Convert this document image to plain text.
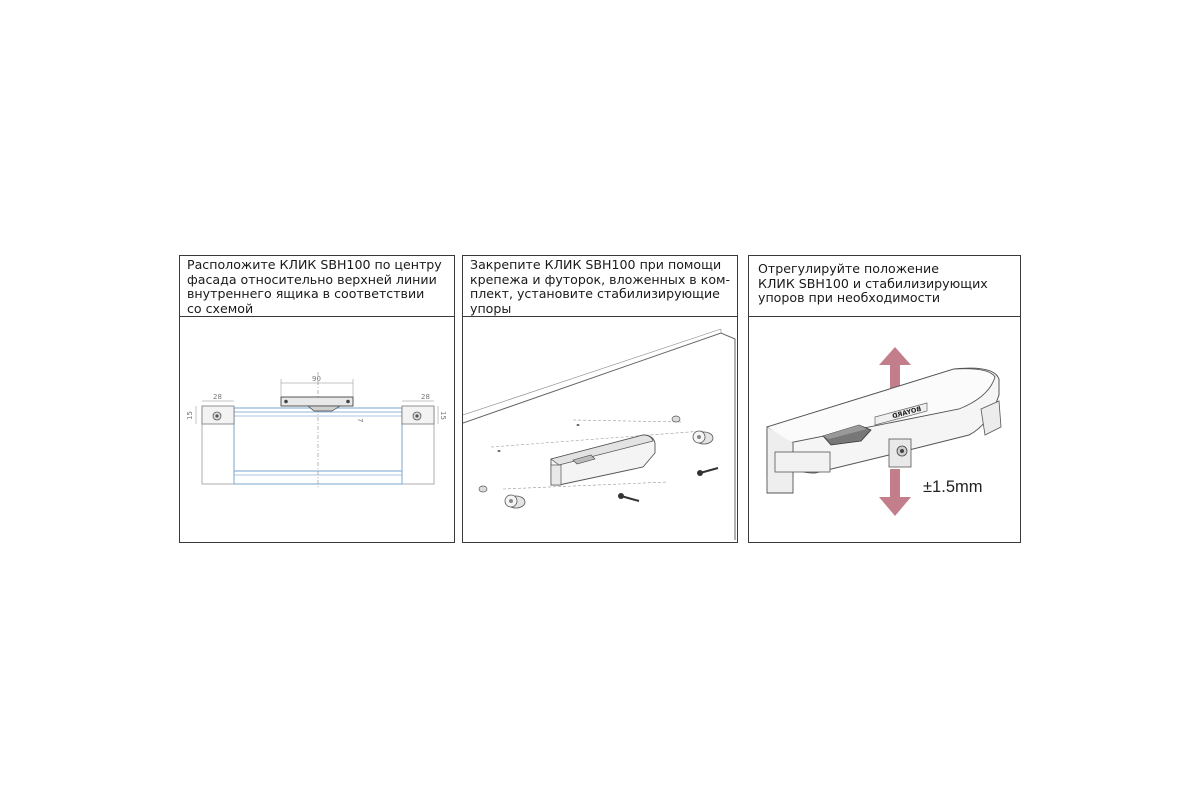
Расположите КЛИК SBH100 по центру
фасада относительно верхней линии
внутреннего ящика в соответствии
со схемой
90
28	28
15	15
7
Закрепите КЛИК SBH100 при помощи
крепежа и футорок, вложенных в ком-
плект, установите стабилизирующие
упоры
Отрегулируйте положение
КЛИК SBH100 и стабилизирующих
упоров при необходимости
BOYARD
±1.5mm
